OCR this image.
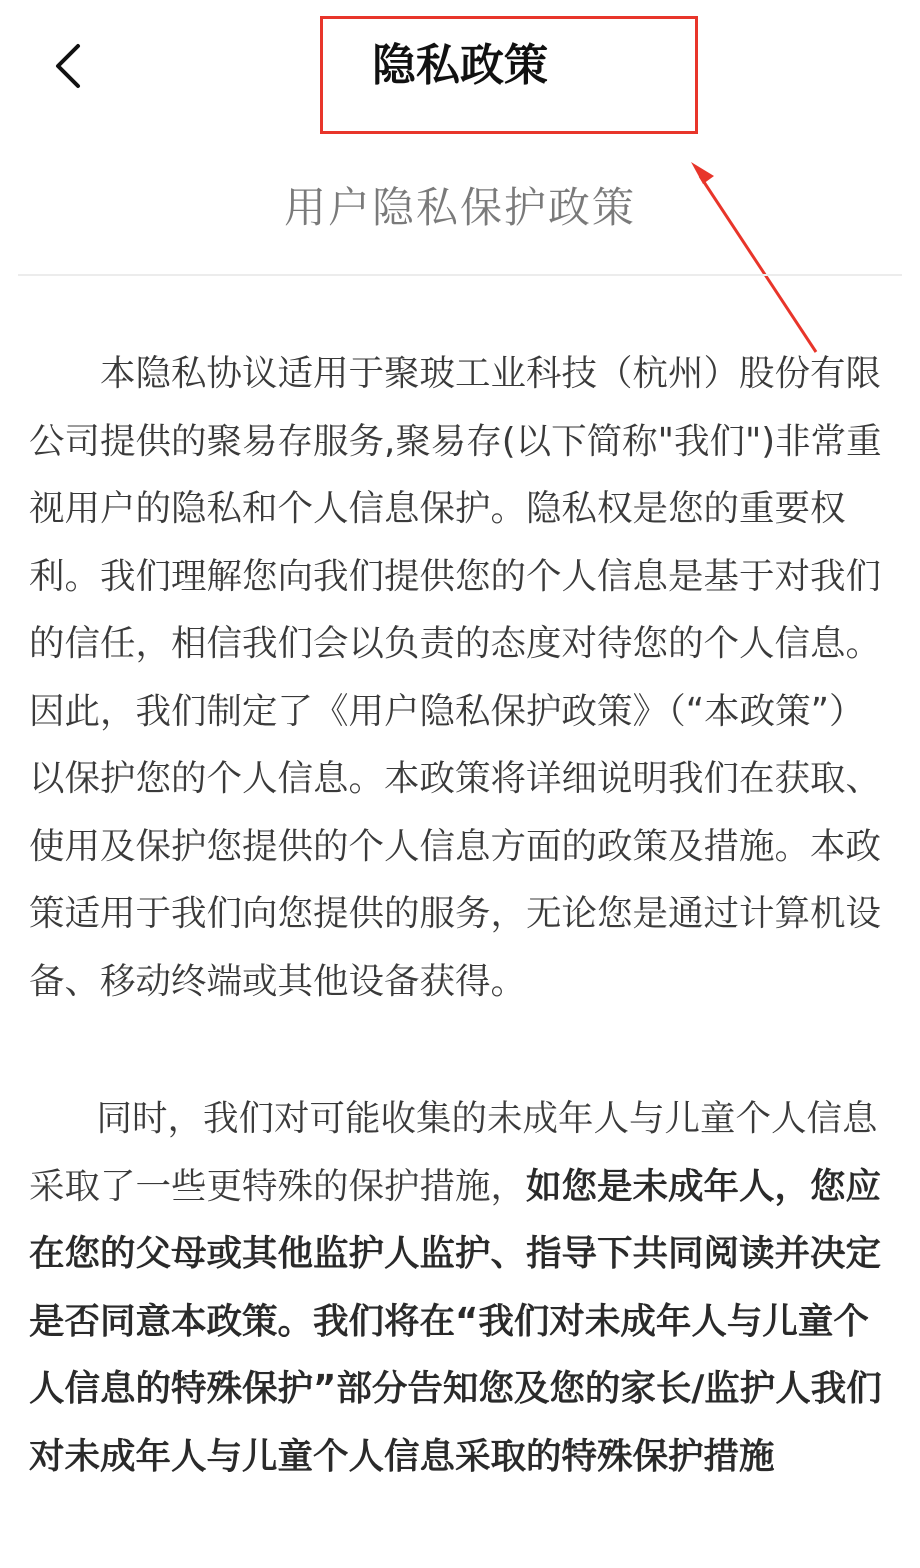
隐私政策
用户隐私保护政策

本隐私协议适用于聚玻工业科技（杭州）股份有限公司提供的聚易存服务,聚易存(以下简称"我们")非常重视用户的隐私和个人信息保护。隐私权是您的重要权利。我们理解您向我们提供您的个人信息是基于对我们的信任，相信我们会以负责的态度对待您的个人信息。因此，我们制定了《用户隐私保护政策》（“本政策”）以保护您的个人信息。本政策将详细说明我们在获取、使用及保护您提供的个人信息方面的政策及措施。本政策适用于我们向您提供的服务，无论您是通过计算机设备、移动终端或其他设备获得。

同时，我们对可能收集的未成年人与儿童个人信息采取了一些更特殊的保护措施，如您是未成年人，您应在您的父母或其他监护人监护、指导下共同阅读并决定是否同意本政策。我们将在“我们对未成年人与儿童个人信息的特殊保护”部分告知您及您的家长/监护人我们对未成年人与儿童个人信息采取的特殊保护措施
